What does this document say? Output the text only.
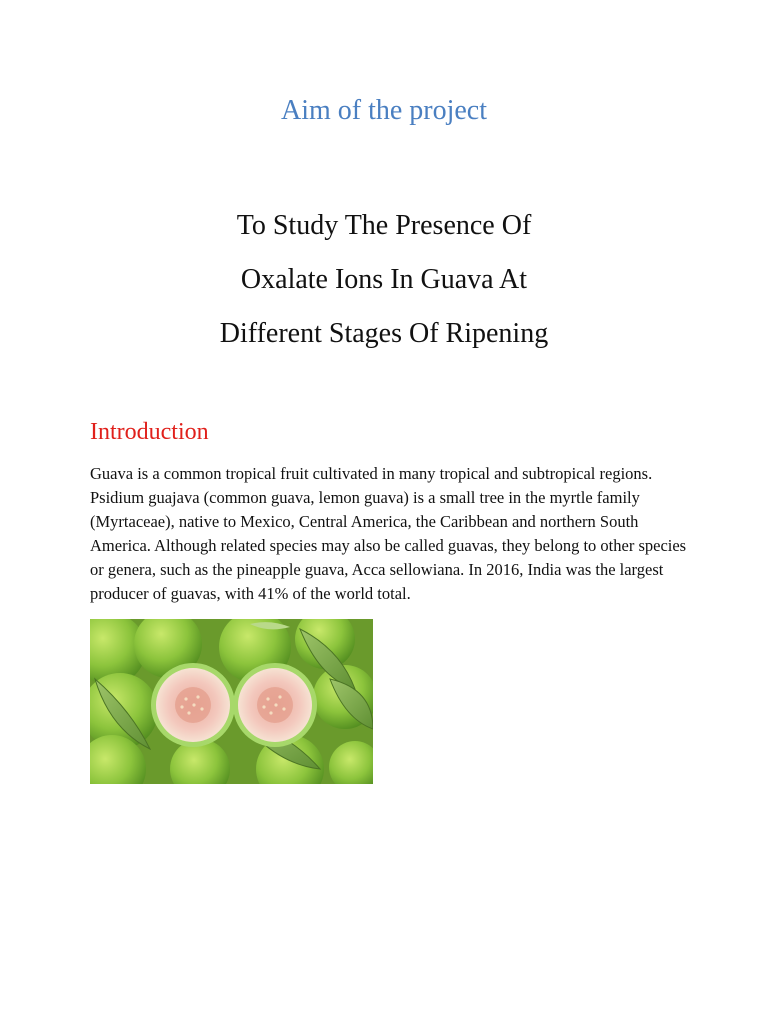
Aim of the project
To Study The Presence Of
Oxalate Ions In Guava At
Different Stages Of Ripening
Introduction
Guava is a common tropical fruit cultivated in many tropical and subtropical regions. Psidium guajava (common guava, lemon guava) is a small tree in the myrtle family (Myrtaceae), native to Mexico, Central America, the Caribbean and northern South America. Although related species may also be called guavas, they belong to other species or genera, such as the pineapple guava, Acca sellowiana. In 2016, India was the largest producer of guavas, with 41% of the world total.
